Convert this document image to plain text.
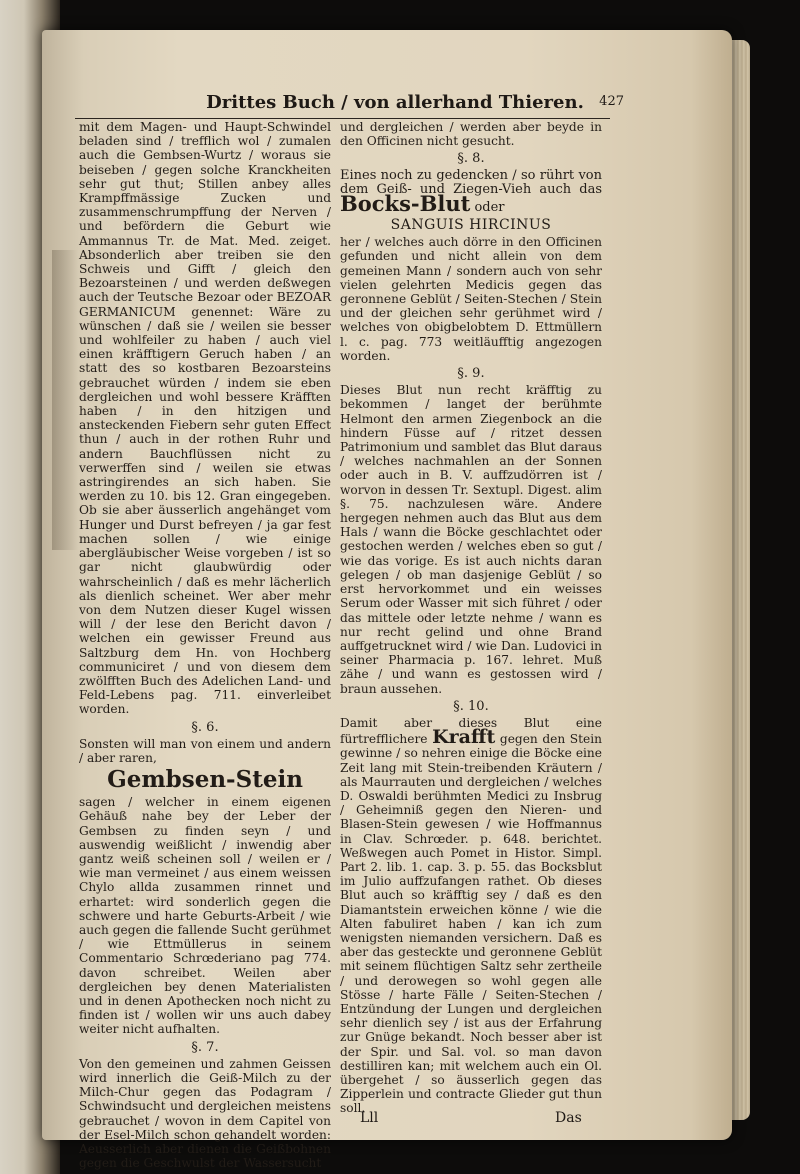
Drittes Buch / von allerhand Thieren.	427

mit dem Magen- und Haupt-Schwindel beladen sind / trefflich wol / zumalen auch die Gembsen-Wurtz / woraus sie beiseben / gegen solche Kranckheiten sehr gut thut; Stillen anbey alles Krampffmässige Zucken und zusammenschrumpffung der Nerven / und befördern die Geburt wie Ammannus Tr. de Mat. Med. zeiget. Absonderlich aber treiben sie den Schweis und Gifft / gleich den Bezoarsteinen / und werden deßwegen auch der Teutsche Bezoar oder BEZOAR GERMANICUM genennet: Wäre zu wünschen / daß sie / weilen sie besser und wohlfeiler zu haben / auch viel einen kräfftigern Geruch haben / an statt des so kostbaren Bezoarsteins gebrauchet würden / indem sie eben dergleichen und wohl bessere Kräfften haben / in den hitzigen und ansteckenden Fiebern sehr guten Effect thun / auch in der rothen Ruhr und andern Bauchflüssen nicht zu verwerffen sind / weilen sie etwas astringirendes an sich haben. Sie werden zu 10. bis 12. Gran eingegeben. Ob sie aber äusserlich angehänget vom Hunger und Durst befreyen / ja gar fest machen sollen / wie einige abergläubischer Weise vorgeben / ist so gar nicht glaubwürdig oder wahrscheinlich / daß es mehr lächerlich als dienlich scheinet. Wer aber mehr von dem Nutzen dieser Kugel wissen will / der lese den Bericht davon / welchen ein gewisser Freund aus Saltzburg dem Hn. von Hochberg communiciret / und von diesem dem zwölfften Buch des Adelichen Land- und Feld-Lebens pag. 711. einverleibet worden.

§. 6.

Sonsten will man von einem und andern / aber raren,

Gembsen-Stein

sagen / welcher in einem eigenen Gehäuß nahe bey der Leber der Gembsen zu finden seyn / und auswendig weißlicht / inwendig aber gantz weiß scheinen soll / weilen er / wie man vermeinet / aus einem weissen Chylo allda zusammen rinnet und erhartet: wird sonderlich gegen die schwere und harte Geburts-Arbeit / wie auch gegen die fallende Sucht gerühmet / wie Ettmüllerus in seinem Commentario Schrœderiano pag 774. davon schreibet. Weilen aber dergleichen bey denen Materialisten und in denen Apothecken noch nicht zu finden ist / wollen wir uns auch dabey weiter nicht aufhalten.

§. 7.

Von den gemeinen und zahmen Geissen wird innerlich die Geiß-Milch zu der Milch-Chur gegen das Podagram / Schwindsucht und dergleichen meistens gebrauchet / wovon in dem Capitel von der Esel-Milch schon gehandelt worden: Aeusserlich aber dienen die Geißbohnen gegen die Geschwulst der Wassersucht

und dergleichen / werden aber beyde in den Officinen nicht gesucht.

§. 8.

Eines noch zu gedencken / so rührt von dem Geiß- und Ziegen-Vieh auch das Bocks-Blut oder

SANGUIS HIRCINUS

her / welches auch dörre in den Officinen gefunden und nicht allein von dem gemeinen Mann / sondern auch von sehr vielen gelehrten Medicis gegen das geronnene Geblüt / Seiten-Stechen / Stein und der gleichen sehr gerühmet wird / welches von obigbelobtem D. Ettmüllern l. c. pag. 773 weitläufftig angezogen worden.

§. 9.

Dieses Blut nun recht kräfftig zu bekommen / langet der berühmte Helmont den armen Ziegenbock an die hindern Füsse auf / ritzet dessen Patrimonium und samblet das Blut daraus / welches nachmahlen an der Sonnen oder auch in B. V. auffzudörren ist / worvon in dessen Tr. Sextupl. Digest. alim §. 75. nachzulesen wäre. Andere hergegen nehmen auch das Blut aus dem Hals / wann die Böcke geschlachtet oder gestochen werden / welches eben so gut / wie das vorige. Es ist auch nichts daran gelegen / ob man dasjenige Geblüt / so erst hervorkommet und ein weisses Serum oder Wasser mit sich führet / oder das mittele oder letzte nehme / wann es nur recht gelind und ohne Brand auffgetrucknet wird / wie Dan. Ludovici in seiner Pharmacia p. 167. lehret. Muß zähe / und wann es gestossen wird / braun aussehen.

§. 10.

Damit aber dieses Blut eine fürtrefflichere Krafft gegen den Stein gewinne / so nehren einige die Böcke eine Zeit lang mit Stein-treibenden Kräutern / als Maurrauten und dergleichen / welches D. Oswaldi berühmten Medici zu Insbrug / Geheimniß gegen den Nieren- und Blasen-Stein gewesen / wie Hoffmannus in Clav. Schrœder. p. 648. berichtet. Weßwegen auch Pomet in Histor. Simpl. Part 2. lib. 1. cap. 3. p. 55. das Bocksblut im Julio auffzufangen rathet. Ob dieses Blut auch so kräfftig sey / daß es den Diamantstein erweichen könne / wie die Alten fabuliret haben / kan ich zum wenigsten niemanden versichern. Daß es aber das gesteckte und geronnene Geblüt mit seinem flüchtigen Saltz sehr zertheile / und derowegen so wohl gegen alle Stösse / harte Fälle / Seiten-Stechen / Entzündung der Lungen und dergleichen sehr dienlich sey / ist aus der Erfahrung zur Gnüge bekandt. Noch besser aber ist der Spir. und Sal. vol. so man davon destilliren kan; mit welchem auch ein Ol. übergehet / so äusserlich gegen das Zipperlein und contracte Glieder gut thun soll.

Lll	Das
